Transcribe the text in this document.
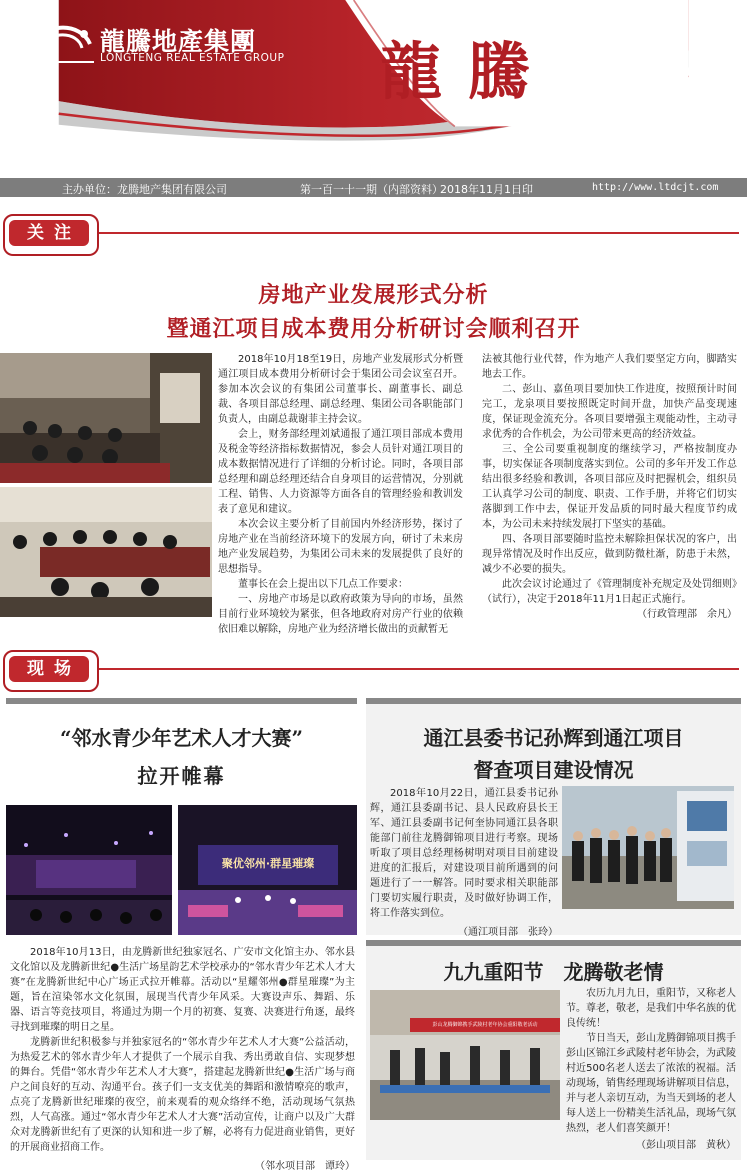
龍騰地產集團
LONGTENG REAL ESTATE GROUP 龍騰
主办单位：龙腾地产集团有限公司	第一百一十一期（内部资料）
2018年11月1日印	http://www.ltdcjt.com
关注
房地产业发展形式分析
暨通江项目成本费用分析研讨会顺利召开

2018年10月18至19日，房地产业发展形式分析暨通江项目成本费用分析研讨会于集团公司会议室召开。参加本次会议的有集团公司董事长、副董事长、副总裁、各项目部总经理、副总经理、集团公司各职能部门负责人，由副总裁谢菲主持会议。

会上，财务部经理刘斌通报了通江项目部成本费用及税金等经济指标数据情况，参会人员针对通江项目的成本数据情况进行了详细的分析讨论。同时，各项目部总经理和副总经理还结合自身项目的运营情况，分别就工程、销售、人力资源等方面各自的管理经验和教训发表了意见和建议。

本次会议主要分析了目前国内外经济形势，探讨了房地产业在当前经济环境下的发展方向，研讨了未来房地产业发展趋势，为集团公司未来的发展提供了良好的思想指导。

董事长在会上提出以下几点工作要求：

一、房地产市场是以政府政策为导向的市场，虽然目前行业环境较为紧张，但各地政府对房产行业的依赖依旧难以解除，房地产业为经济增长做出的贡献暂无

法被其他行业代替，作为地产人我们要坚定方向，脚踏实地去工作。

二、彭山、嘉鱼项目要加快工作进度，按照预计时间完工，龙泉项目要按照既定时间开盘，加快产品变现速度，保证现金流充分。各项目要增强主观能动性，主动寻求优秀的合作机会，为公司带来更高的经济效益。

三、全公司要重视制度的继续学习，严格按制度办事，切实保证各项制度落实到位。公司的多年开发工作总结出很多经验和教训，各项目部应及时把握机会，组织员工认真学习公司的制度、职责、工作手册，并将它们切实落脚到工作中去，保证开发品质的同时最大程度节约成本，为公司未来持续发展打下坚实的基础。

四、各项目部要随时监控未解除担保状况的客户，出现异常情况及时作出反应，做到防微杜渐，防患于未然，减少不必要的损失。

此次会议讨论通过了《管理制度补充规定及处罚细则》（试行），决定于2018年11月1日起正式施行。

（行政管理部　余凡）

现场
“邻水青少年艺术人才大赛”
拉开帷幕
聚优邻州·群星璀璨

2018年10月13日，由龙腾新世纪独家冠名、广安市文化馆主办、邻水县文化馆以及龙腾新世纪●生活广场星韵艺术学校承办的“邻水青少年艺术人才大赛”在龙腾新世纪中心广场正式拉开帷幕。活动以“星耀邻州●群星璀璨”为主题，旨在渲染邻水文化氛围，展现当代青少年风采。大赛设声乐、舞蹈、乐器、语言等竞技项目，将通过为期一个月的初赛、复赛、决赛进行角逐，最终寻找到璀璨的明日之星。

龙腾新世纪积极参与并独家冠名的“邻水青少年艺术人才大赛”公益活动，为热爱艺术的邻水青少年人才提供了一个展示自我、秀出勇敢自信、实现梦想的舞台。凭借“邻水青少年艺术人才大赛”，搭建起龙腾新世纪●生活广场与商户之间良好的互动、沟通平台。孩子们一支支优美的舞蹈和激情嘹亮的歌声，点亮了龙腾新世纪璀璨的夜空，前来观看的观众络绎不绝，活动现场气氛热烈，人气高涨。通过“邻水青少年艺术人才大赛”活动宣传，让商户以及广大群众对龙腾新世纪有了更深的认知和进一步了解，必将有力促进商业销售，更好的开展商业招商工作。

（邻水项目部　谭玲）

通江县委书记孙辉到通江项目
督查项目建设情况

2018年10月22日，通江县委书记孙辉，通江县委副书记、县人民政府县长王军、通江县委副书记何奎协同通江县各职能部门前往龙腾御锦项目进行考察。现场听取了项目总经理杨树明对项目目前建设进度的汇报后，对建设项目前所遇到的问题进行了一一解答。同时要求相关职能部门要切实履行职责，及时做好协调工作，将工作落实到位。

（通江项目部　张玲）

九九重阳节　龙腾敬老情
彭山龙腾御锦携手武陵村老年协会重阳敬老活动

农历九月九日，重阳节，又称老人节。尊老，敬老，是我们中华名族的优良传统！

节日当天，彭山龙腾御锦项目携手彭山区锦江乡武陵村老年协会，为武陵村近500名老人送去了浓浓的祝福。活动现场，销售经理现场讲解项目信息，并与老人亲切互动，为当天到场的老人每人送上一份精美生活礼品，现场气氛热烈，老人们喜笑颜开！

（彭山项目部　黄秋）
